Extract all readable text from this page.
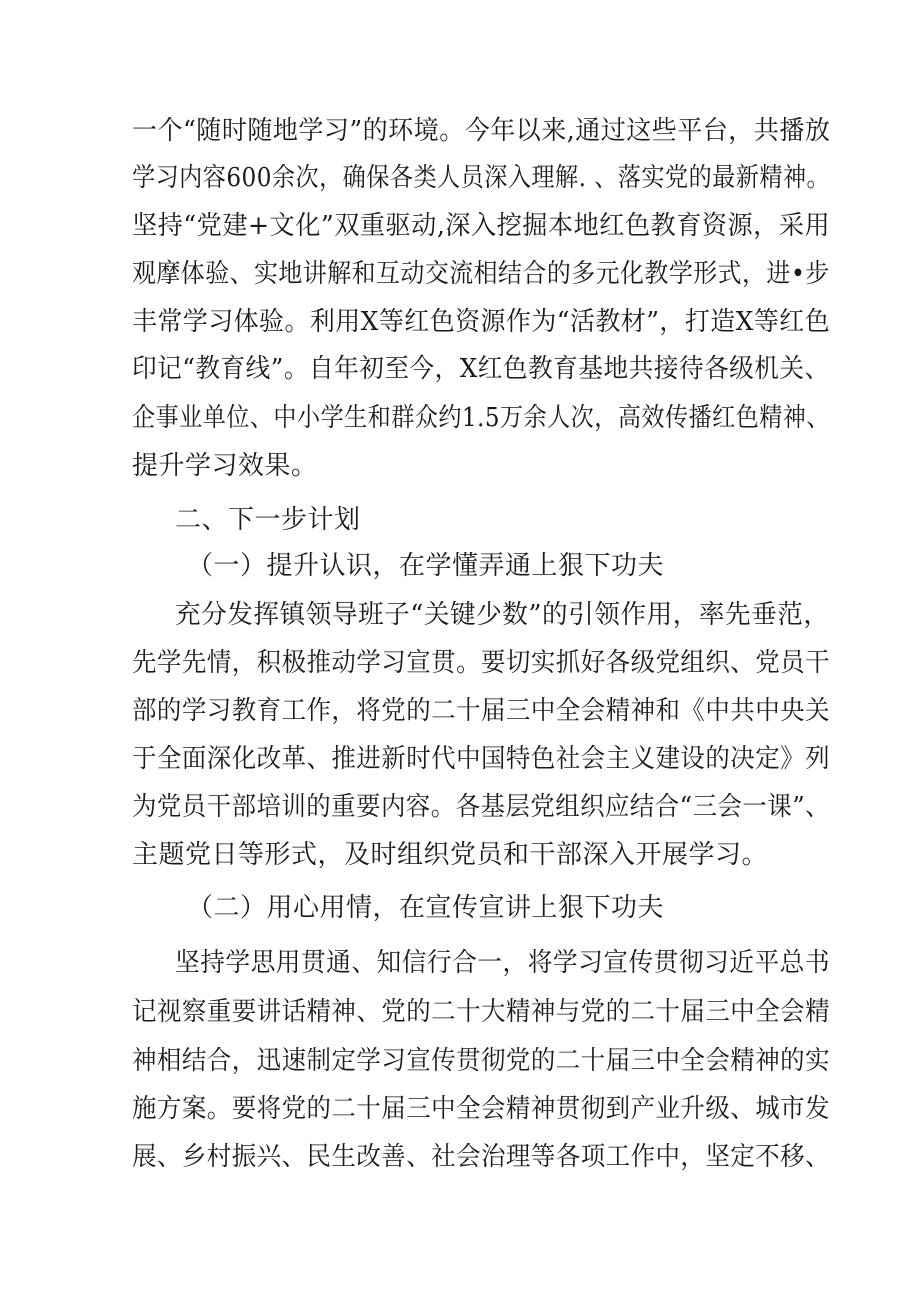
一个“随时随地学习”的环境。今年以来,通过这些平台，共播放
学习内容600余次，确保各类人员深入理解. 、落实党的最新精神。
坚持“党建+文化”双重驱动,深入挖掘本地红色教育资源，采用
观摩体验、实地讲解和互动交流相结合的多元化教学形式，进•步
丰常学习体验。利用X等红色资源作为“活教材”，打造X等红色
印记“教育线”。自年初至今，X红色教育基地共接待各级机关、
企事业单位、中小学生和群众约1.5万余人次，高效传播红色精神、
提升学习效果。
二、下一步计划
（一）提升认识，在学懂弄通上狠下功夫
充分发挥镇领导班子“关键少数”的引领作用，率先垂范，
先学先情，积极推动学习宣贯。要切实抓好各级党组织、党员干
部的学习教育工作，将党的二十届三中全会精神和《中共中央关
于全面深化改革、推进新时代中国特色社会主义建设的决定》列
为党员干部培训的重要内容。各基层党组织应结合“三会一课”、
主题党日等形式，及时组织党员和干部深入开展学习。
（二）用心用情，在宣传宣讲上狠下功夫
坚持学思用贯通、知信行合一，将学习宣传贯彻习近平总书
记视察重要讲话精神、党的二十大精神与党的二十届三中全会精
神相结合，迅速制定学习宣传贯彻党的二十届三中全会精神的实
施方案。要将党的二十届三中全会精神贯彻到产业升级、城市发
展、乡村振兴、民生改善、社会治理等各项工作中，坚定不移、
